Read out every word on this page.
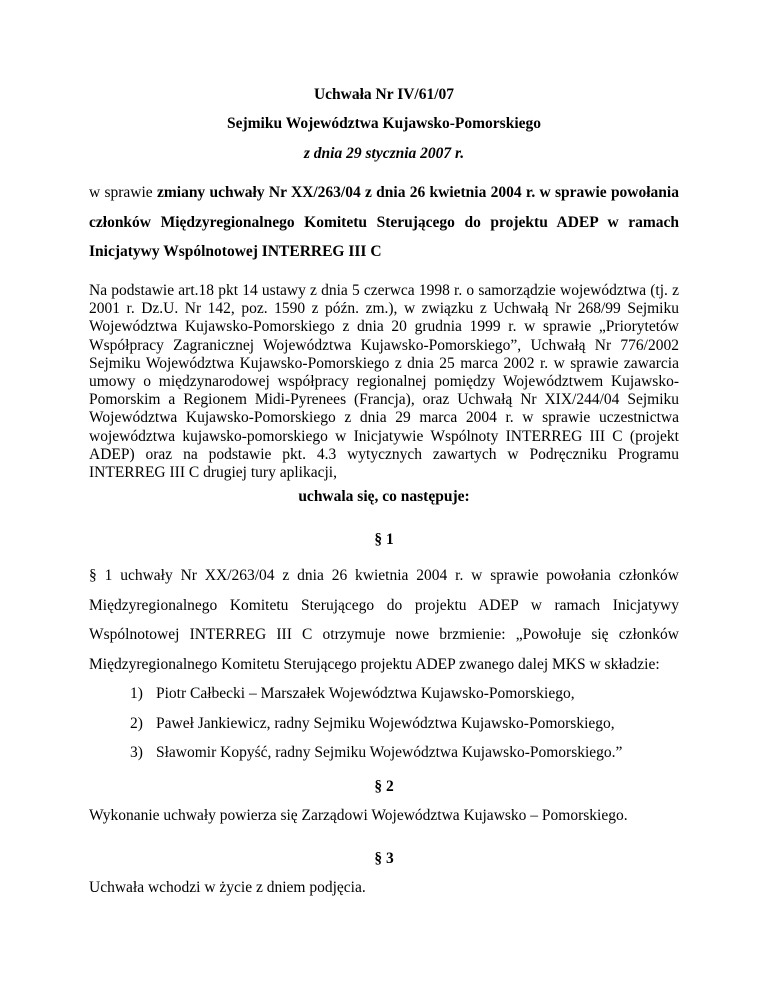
Uchwała Nr IV/61/07
Sejmiku Województwa Kujawsko-Pomorskiego
z dnia 29 stycznia 2007 r.
w sprawie zmiany uchwały Nr XX/263/04 z dnia 26 kwietnia 2004 r. w sprawie powołania członków Międzyregionalnego Komitetu Sterującego do projektu ADEP w ramach Inicjatywy Wspólnotowej INTERREG III C
Na podstawie art.18 pkt 14 ustawy z dnia 5 czerwca 1998 r. o samorządzie województwa (tj. z 2001 r. Dz.U. Nr 142, poz. 1590 z późn. zm.), w związku z Uchwałą Nr 268/99 Sejmiku Województwa Kujawsko-Pomorskiego z dnia 20 grudnia 1999 r. w sprawie „Priorytetów Współpracy Zagranicznej Województwa Kujawsko-Pomorskiego”, Uchwałą Nr 776/2002 Sejmiku Województwa Kujawsko-Pomorskiego z dnia 25 marca 2002 r. w sprawie zawarcia umowy o międzynarodowej współpracy regionalnej pomiędzy Województwem Kujawsko-Pomorskim a Regionem Midi-Pyrenees (Francja), oraz Uchwałą Nr XIX/244/04 Sejmiku Województwa Kujawsko-Pomorskiego z dnia 29 marca 2004 r. w sprawie uczestnictwa województwa kujawsko-pomorskiego w Inicjatywie Wspólnoty INTERREG III C (projekt ADEP) oraz na podstawie pkt. 4.3 wytycznych zawartych w Podręczniku Programu INTERREG III C drugiej tury aplikacji,
uchwala się, co następuje:
§ 1
§ 1 uchwały Nr XX/263/04 z dnia 26 kwietnia 2004 r. w sprawie powołania członków Międzyregionalnego Komitetu Sterującego do projektu ADEP w ramach Inicjatywy Wspólnotowej INTERREG III C otrzymuje nowe brzmienie: „Powołuje się członków Międzyregionalnego Komitetu Sterującego projektu ADEP zwanego dalej MKS w składzie:
1) Piotr Całbecki – Marszałek Województwa Kujawsko-Pomorskiego,
2) Paweł Jankiewicz, radny Sejmiku Województwa Kujawsko-Pomorskiego,
3) Sławomir Kopyść, radny Sejmiku Województwa Kujawsko-Pomorskiego.”
§ 2
Wykonanie uchwały powierza się Zarządowi Województwa Kujawsko – Pomorskiego.
§ 3
Uchwała wchodzi w życie z dniem podjęcia.
